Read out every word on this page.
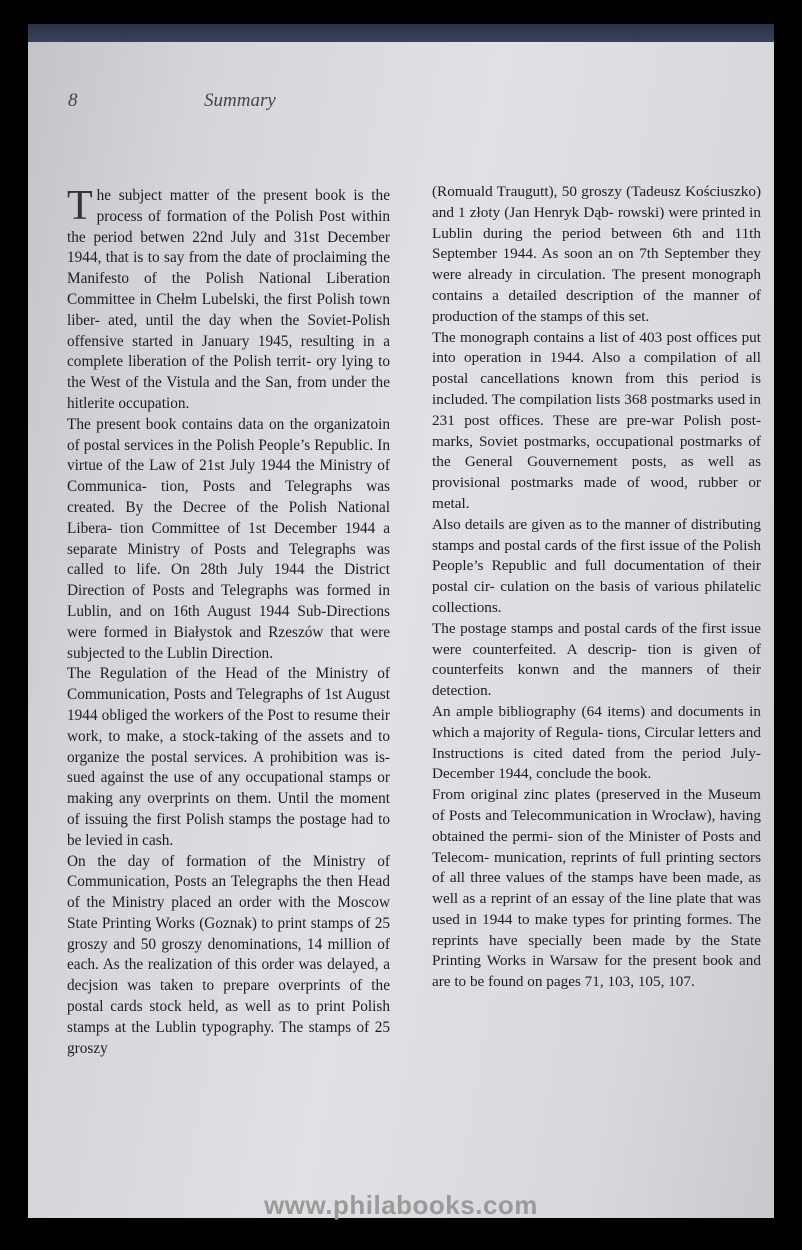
8	Summary

The subject matter of the present book is the process of formation of the Polish Post within the period betwen 22nd July and 31st December 1944, that is to say from the date of proclaiming the Manifesto of the Polish National Liberation Committee in Chełm Lubelski, the first Polish town liber- ated, until the day when the Soviet-Polish offensive started in January 1945, resulting in a complete liberation of the Polish territ- ory lying to the West of the Vistula and the San, from under the hitlerite occupation.

The present book contains data on the organizatoin of postal services in the Polish People’s Republic. In virtue of the Law of 21st July 1944 the Ministry of Communica- tion, Posts and Telegraphs was created. By the Decree of the Polish National Libera- tion Committee of 1st December 1944 a separate Ministry of Posts and Telegraphs was called to life. On 28th July 1944 the District Direction of Posts and Telegraphs was formed in Lublin, and on 16th August 1944 Sub-Directions were formed in Białystok and Rzeszów that were subjected to the Lublin Direction.

The Regulation of the Head of the Ministry of Communication, Posts and Telegraphs of 1st August 1944 obliged the workers of the Post to resume their work, to make, a stock-taking of the assets and to organize the postal services. A prohibition was is- sued against the use of any occupational stamps or making any overprints on them. Until the moment of issuing the first Polish stamps the postage had to be levied in cash.

On the day of formation of the Ministry of Communication, Posts an Telegraphs the then Head of the Ministry placed an order with the Moscow State Printing Works (Goznak) to print stamps of 25 groszy and 50 groszy denominations, 14 million of each. As the realization of this order was delayed, a decjsion was taken to prepare overprints of the postal cards stock held, as well as to print Polish stamps at the Lublin typography. The stamps of 25 groszy

(Romuald Traugutt), 50 groszy (Tadeusz Kościuszko) and 1 złoty (Jan Henryk Dąb- rowski) were printed in Lublin during the period between 6th and 11th September 1944. As soon an on 7th September they were already in circulation. The present monograph contains a detailed description of the manner of production of the stamps of this set.

The monograph contains a list of 403 post offices put into operation in 1944. Also a compilation of all postal cancellations known from this period is included. The compilation lists 368 postmarks used in 231 post offices. These are pre-war Polish post- marks, Soviet postmarks, occupational postmarks of the General Gouvernement posts, as well as provisional postmarks made of wood, rubber or metal.

Also details are given as to the manner of distributing stamps and postal cards of the first issue of the Polish People’s Republic and full documentation of their postal cir- culation on the basis of various philatelic collections.

The postage stamps and postal cards of the first issue were counterfeited. A descrip- tion is given of counterfeits konwn and the manners of their detection.

An ample bibliography (64 items) and documents in which a majority of Regula- tions, Circular letters and Instructions is cited dated from the period July-December 1944, conclude the book.

From original zinc plates (preserved in the Museum of Posts and Telecommunication in Wrocław), having obtained the permi- sion of the Minister of Posts and Telecom- munication, reprints of full printing sectors of all three values of the stamps have been made, as well as a reprint of an essay of the line plate that was used in 1944 to make types for printing formes. The reprints have specially been made by the State Printing Works in Warsaw for the present book and are to be found on pages 71, 103, 105, 107.

www.philabooks.com
